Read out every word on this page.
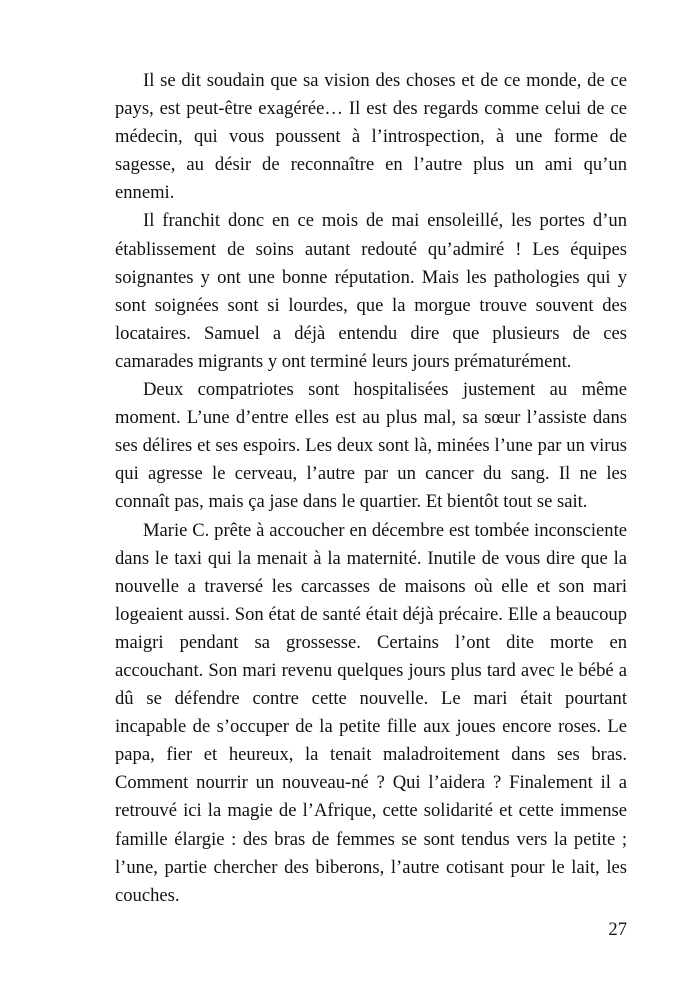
Il se dit soudain que sa vision des choses et de ce monde, de ce pays, est peut-être exagérée… Il est des regards comme celui de ce médecin, qui vous poussent à l’introspection, à une forme de sagesse, au désir de reconnaître en l’autre plus un ami qu’un ennemi.

Il franchit donc en ce mois de mai ensoleillé, les portes d’un établissement de soins autant redouté qu’admiré ! Les équipes soignantes y ont une bonne réputation. Mais les pathologies qui y sont soignées sont si lourdes, que la morgue trouve souvent des locataires. Samuel a déjà entendu dire que plusieurs de ces camarades migrants y ont terminé leurs jours prématurément.

Deux compatriotes sont hospitalisées justement au même moment. L’une d’entre elles est au plus mal, sa sœur l’assiste dans ses délires et ses espoirs. Les deux sont là, minées l’une par un virus qui agresse le cerveau, l’autre par un cancer du sang. Il ne les connaît pas, mais ça jase dans le quartier. Et bientôt tout se sait.

Marie C. prête à accoucher en décembre est tombée inconsciente dans le taxi qui la menait à la maternité. Inutile de vous dire que la nouvelle a traversé les carcasses de maisons où elle et son mari logeaient aussi. Son état de santé était déjà précaire. Elle a beaucoup maigri pendant sa grossesse. Certains l’ont dite morte en accouchant. Son mari revenu quelques jours plus tard avec le bébé a dû se défendre contre cette nouvelle. Le mari était pourtant incapable de s’occuper de la petite fille aux joues encore roses. Le papa, fier et heureux, la tenait maladroitement dans ses bras. Comment nourrir un nouveau-né ? Qui l’aidera ? Finalement il a retrouvé ici la magie de l’Afrique, cette solidarité et cette immense famille élargie : des bras de femmes se sont tendus vers la petite ; l’une, partie chercher des biberons, l’autre cotisant pour le lait, les couches.

27
